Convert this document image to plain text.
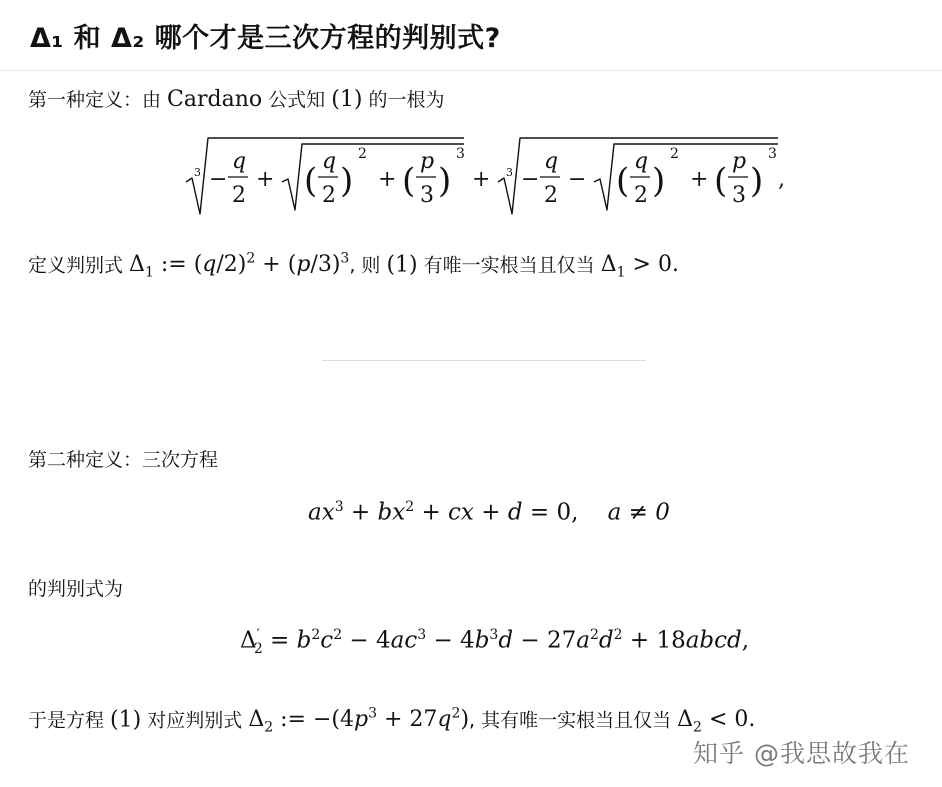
Δ₁ 和 Δ₂ 哪个才是三次方程的判别式?
第一种定义：由 Cardano 公式知 (1) 的一根为
3 −
q
2
+ ( q
2 )
2
+ ( p
3 )
3
+ 3 −
q
2
− ( q
2 )
2
+ ( p
3 )
3
,
定义判别式 $\Delta_1$ := $(q/2)^2 + (p/3)^3$, 则 (1) 有唯一实根当且仅当 $\Delta_1 > 0$.
第二种定义：三次方程
$ax^3 + bx^2$ + cx + d = 0,    a ≠ 0
的判别式为
$\Delta'_2 = b^2c^2 - 4ac^3 - 4b^3d - 27a^2d^2$ + 18abcd,
于是方程 (1) 对应判别式 $\Delta_2$ := $-(4p^3 + 27q^2)$, 其有唯一实根当且仅当 $\Delta_2 < 0$.
知乎 @我思故我在
